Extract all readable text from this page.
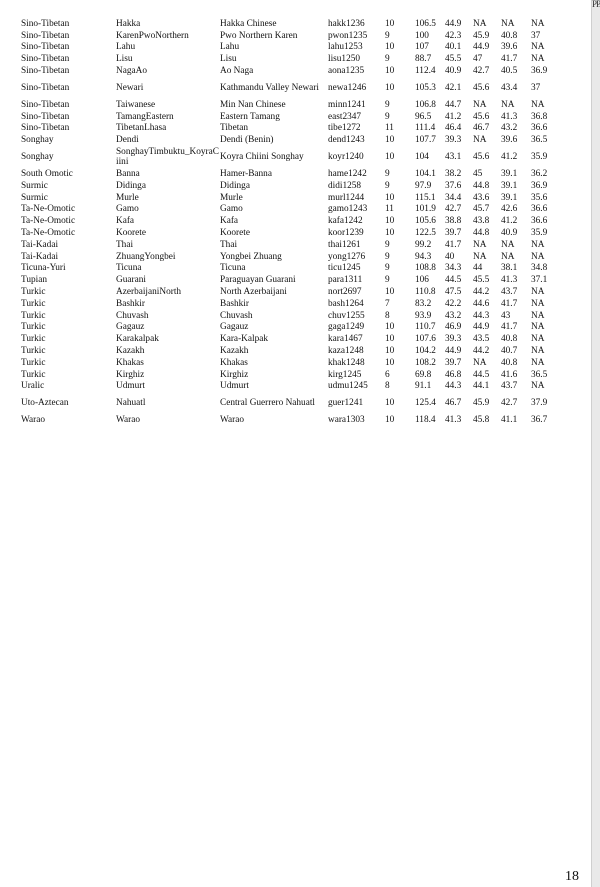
Sino-Tibetan	Hakka	Hakka Chinese	hakk1236	10	106.5	44.9	NA	NA	NA
Sino-Tibetan	KarenPwoNorthern	Pwo Northern Karen	pwon1235	9	100	42.3	45.9	40.8	37
Sino-Tibetan	Lahu	Lahu	lahu1253	10	107	40.1	44.9	39.6	NA
Sino-Tibetan	Lisu	Lisu	lisu1250	9	88.7	45.5	47	41.7	NA
Sino-Tibetan	NagaAo	Ao Naga	aona1235	10	112.4	40.9	42.7	40.5	36.9
Sino-Tibetan	Newari	Kathmandu Valley Newari	newa1246	10	105.3	42.1	45.6	43.4	37
Sino-Tibetan	Taiwanese	Min Nan Chinese	minn1241	9	106.8	44.7	NA	NA	NA
Sino-Tibetan	TamangEastern	Eastern Tamang	east2347	9	96.5	41.2	45.6	41.3	36.8
Sino-Tibetan	TibetanLhasa	Tibetan	tibe1272	11	111.4	46.4	46.7	43.2	36.6
Songhay	Dendi	Dendi (Benin)	dend1243	10	107.7	39.3	NA	39.6	36.5
Songhay	SonghayTimbuktu_KoyraCiini	Koyra Chiini Songhay	koyr1240	10	104	43.1	45.6	41.2	35.9
South Omotic	Banna	Hamer-Banna	hame1242	9	104.1	38.2	45	39.1	36.2
Surmic	Didinga	Didinga	didi1258	9	97.9	37.6	44.8	39.1	36.9
Surmic	Murle	Murle	murl1244	10	115.1	34.4	43.6	39.1	35.6
Ta-Ne-Omotic	Gamo	Gamo	gamo1243	11	101.9	42.7	45.7	42.6	36.6
Ta-Ne-Omotic	Kafa	Kafa	kafa1242	10	105.6	38.8	43.8	41.2	36.6
Ta-Ne-Omotic	Koorete	Koorete	koor1239	10	122.5	39.7	44.8	40.9	35.9
Tai-Kadai	Thai	Thai	thai1261	9	99.2	41.7	NA	NA	NA
Tai-Kadai	ZhuangYongbei	Yongbei Zhuang	yong1276	9	94.3	40	NA	NA	NA
Ticuna-Yuri	Ticuna	Ticuna	ticu1245	9	108.8	34.3	44	38.1	34.8
Tupian	Guarani	Paraguayan Guarani	para1311	9	106	44.5	45.5	41.3	37.1
Turkic	AzerbaijaniNorth	North Azerbaijani	nort2697	10	110.8	47.5	44.2	43.7	NA
Turkic	Bashkir	Bashkir	bash1264	7	83.2	42.2	44.6	41.7	NA
Turkic	Chuvash	Chuvash	chuv1255	8	93.9	43.2	44.3	43	NA
Turkic	Gagauz	Gagauz	gaga1249	10	110.7	46.9	44.9	41.7	NA
Turkic	Karakalpak	Kara-Kalpak	kara1467	10	107.6	39.3	43.5	40.8	NA
Turkic	Kazakh	Kazakh	kaza1248	10	104.2	44.9	44.2	40.7	NA
Turkic	Khakas	Khakas	khak1248	10	108.2	39.7	NA	40.8	NA
Turkic	Kirghiz	Kirghiz	kirg1245	6	69.8	46.8	44.5	41.6	36.5
Uralic	Udmurt	Udmurt	udmu1245	8	91.1	44.3	44.1	43.7	NA
Uto-Aztecan	Nahuatl	Central Guerrero Nahuatl	guer1241	10	125.4	46.7	45.9	42.7	37.9
Warao	Warao	Warao	wara1303	10	118.4	41.3	45.8	41.1	36.7
18
PP.
